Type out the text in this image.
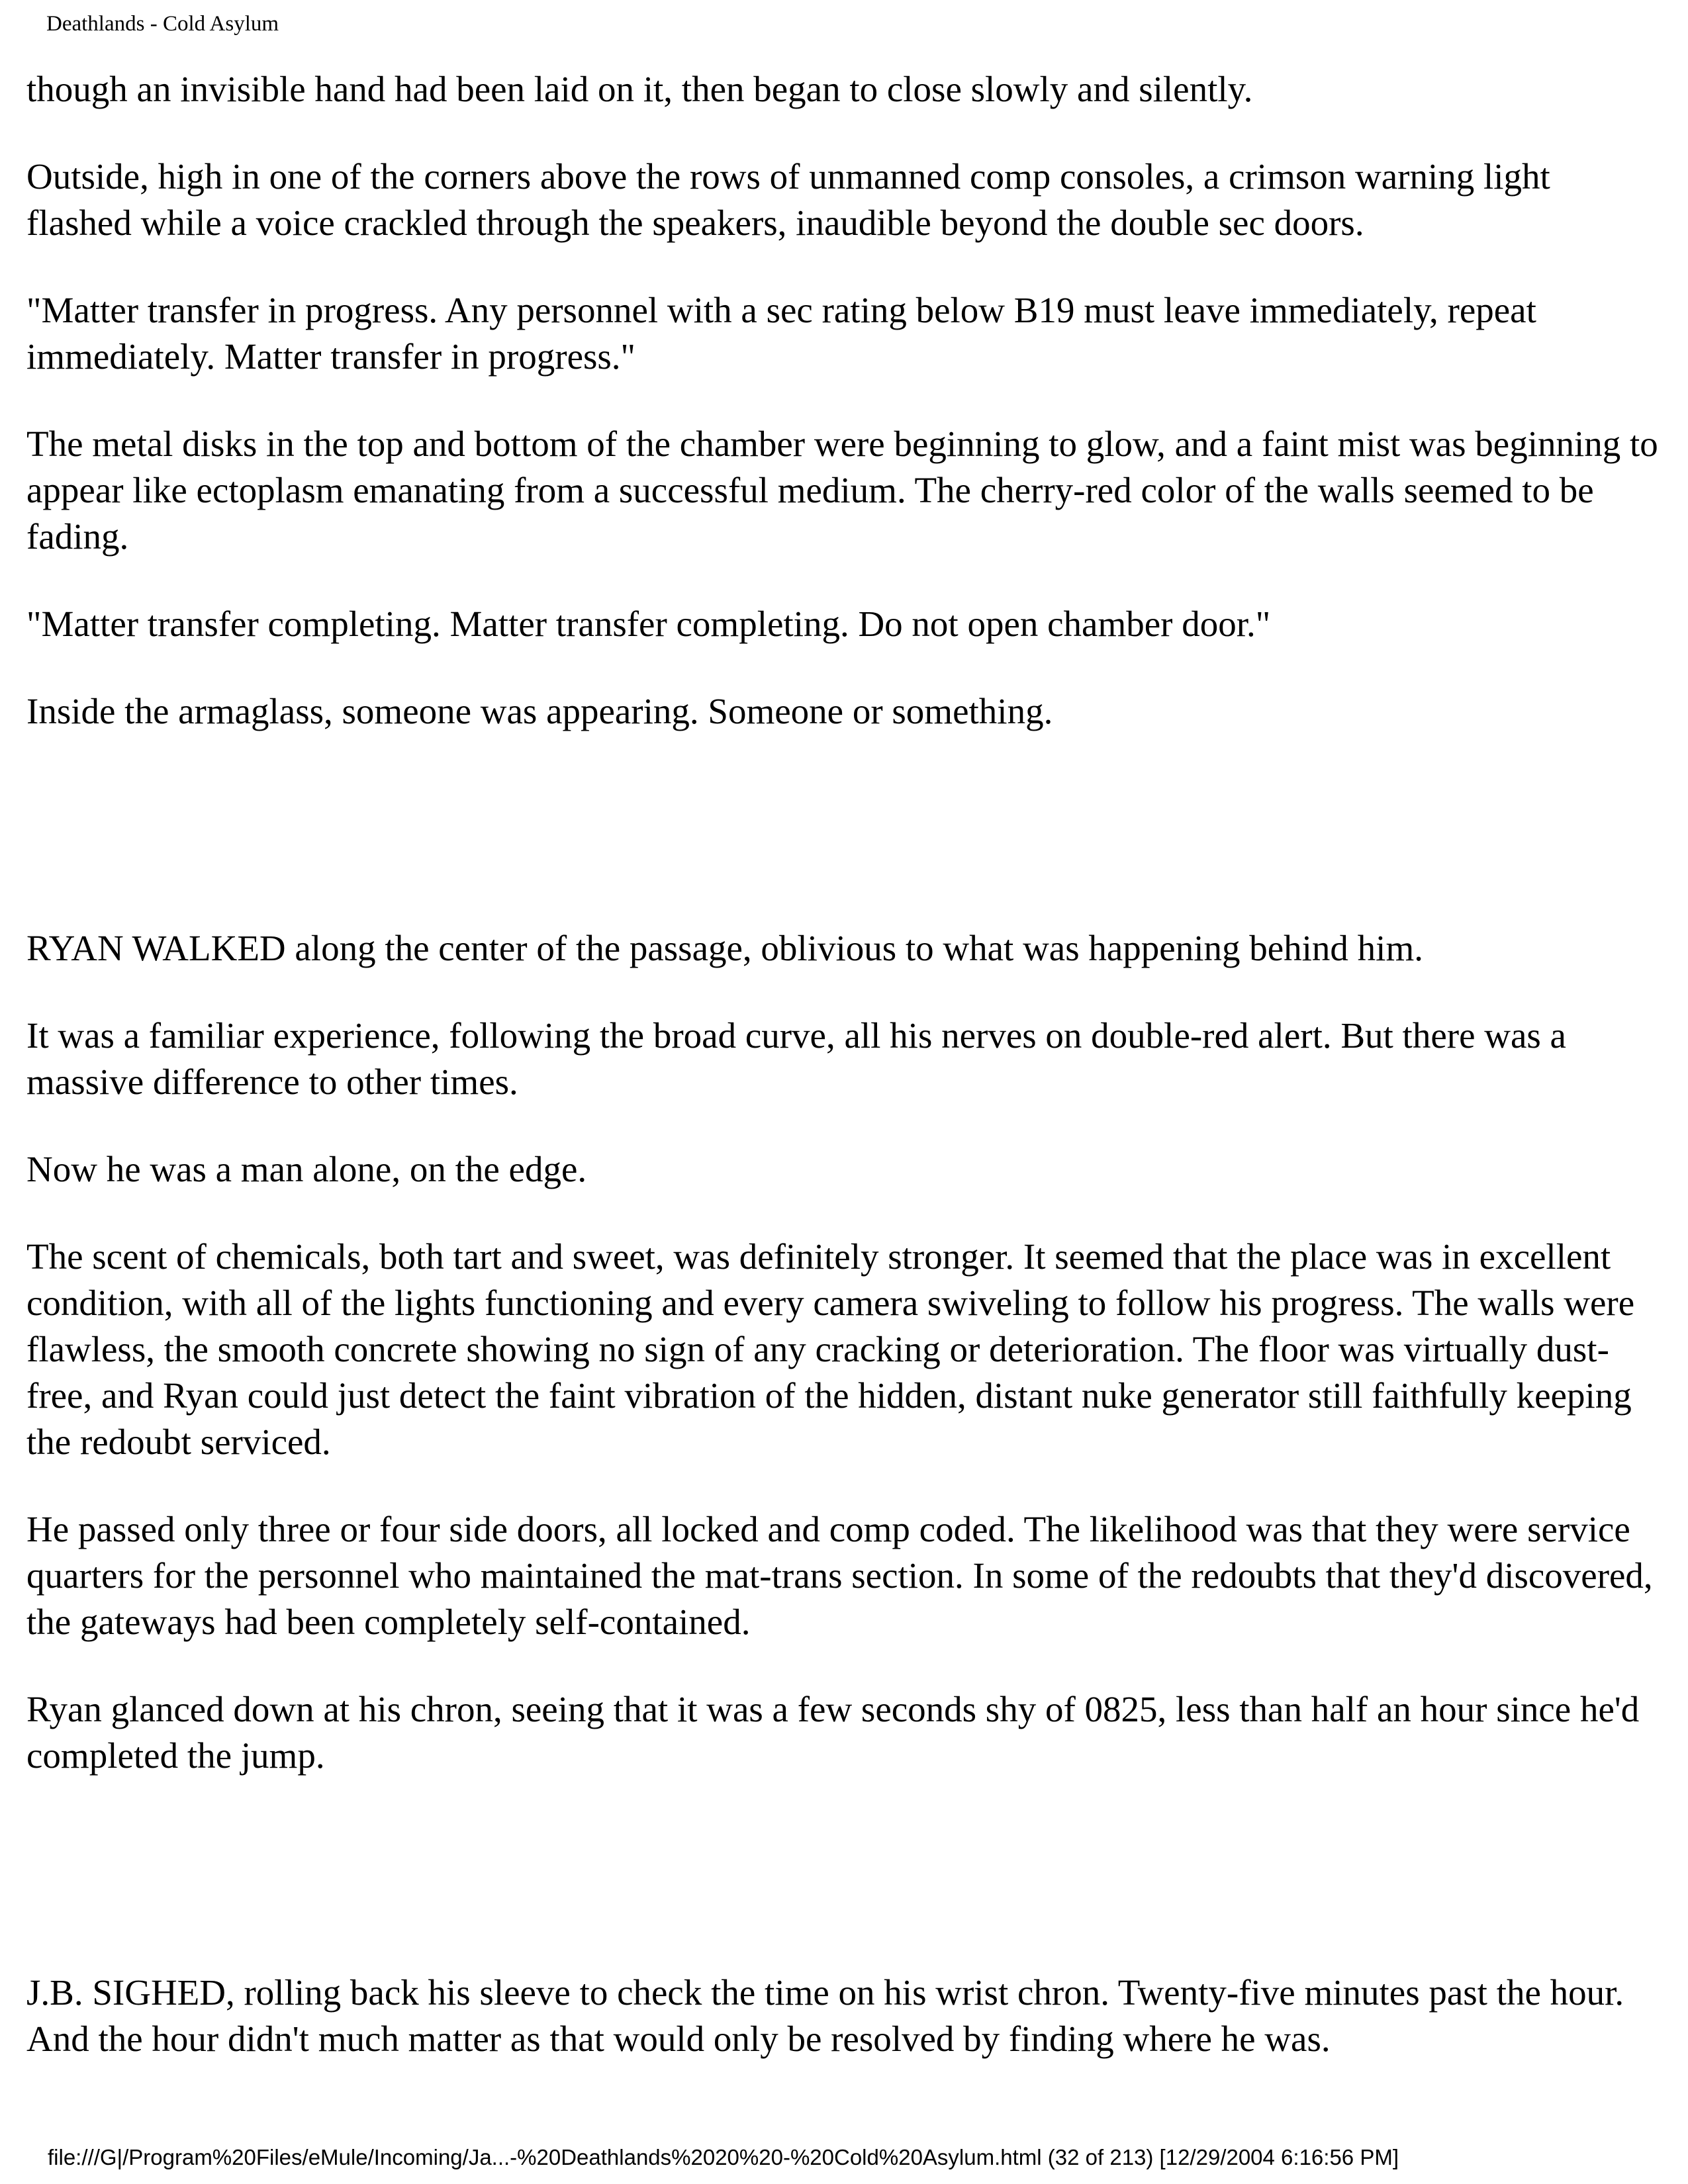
Deathlands - Cold Asylum

though an invisible hand had been laid on it, then began to close slowly and silently.

Outside, high in one of the corners above the rows of unmanned comp consoles, a crimson warning light flashed while a voice crackled through the speakers, inaudible beyond the double sec doors.

"Matter transfer in progress. Any personnel with a sec rating below B19 must leave immediately, repeat immediately. Matter transfer in progress."

The metal disks in the top and bottom of the chamber were beginning to glow, and a faint mist was beginning to appear like ectoplasm emanating from a successful medium. The cherry-red color of the walls seemed to be fading.

"Matter transfer completing. Matter transfer completing. Do not open chamber door."

Inside the armaglass, someone was appearing. Someone or something.

RYAN WALKED along the center of the passage, oblivious to what was happening behind him.

It was a familiar experience, following the broad curve, all his nerves on double-red alert. But there was a massive difference to other times.

Now he was a man alone, on the edge.

The scent of chemicals, both tart and sweet, was definitely stronger. It seemed that the place was in excellent condition, with all of the lights functioning and every camera swiveling to follow his progress. The walls were flawless, the smooth concrete showing no sign of any cracking or deterioration. The floor was virtually dust-free, and Ryan could just detect the faint vibration of the hidden, distant nuke generator still faithfully keeping the redoubt serviced.

He passed only three or four side doors, all locked and comp coded. The likelihood was that they were service quarters for the personnel who maintained the mat-trans section. In some of the redoubts that they'd discovered, the gateways had been completely self-contained.

Ryan glanced down at his chron, seeing that it was a few seconds shy of 0825, less than half an hour since he'd completed the jump.

J.B. SIGHED, rolling back his sleeve to check the time on his wrist chron. Twenty-five minutes past the hour. And the hour didn't much matter as that would only be resolved by finding where he was.

file:///G|/Program%20Files/eMule/Incoming/Ja...-%20Deathlands%2020%20-%20Cold%20Asylum.html (32 of 213) [12/29/2004 6:16:56 PM]
